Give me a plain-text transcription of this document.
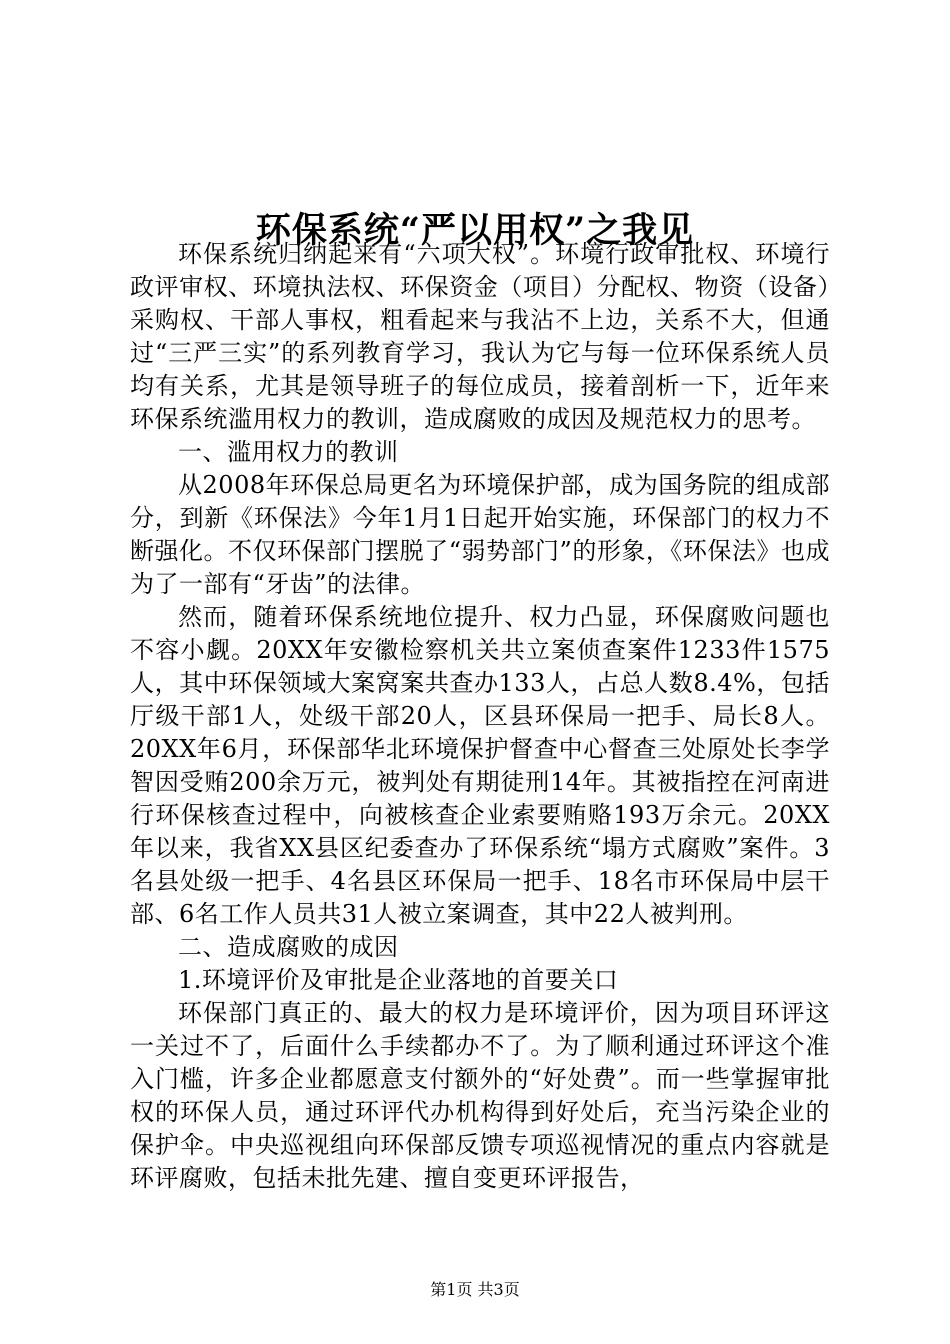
环保系统“严以用权”之我见

环保系统归纳起来有“六项大权”。环境行政审批权、环境行政评审权、环境执法权、环保资金（项目）分配权、物资（设备）采购权、干部人事权，粗看起来与我沾不上边，关系不大，但通过“三严三实”的系列教育学习，我认为它与每一位环保系统人员均有关系，尤其是领导班子的每位成员，接着剖析一下，近年来环保系统滥用权力的教训，造成腐败的成因及规范权力的思考。

一、滥用权力的教训

从2008年环保总局更名为环境保护部，成为国务院的组成部分，到新《环保法》今年1月1日起开始实施，环保部门的权力不断强化。不仅环保部门摆脱了“弱势部门”的形象，《环保法》也成为了一部有“牙齿”的法律。

然而，随着环保系统地位提升、权力凸显，环保腐败问题也不容小觑。20XX年安徽检察机关共立案侦查案件1233件1575人，其中环保领域大案窝案共查办133人，占总人数8.4%，包括厅级干部1人，处级干部20人，区县环保局一把手、局长8人。20XX年6月，环保部华北环境保护督查中心督查三处原处长李学智因受贿200余万元，被判处有期徒刑14年。其被指控在河南进行环保核查过程中，向被核查企业索要贿赂193万余元。20XX年以来，我省XX县区纪委查办了环保系统“塌方式腐败”案件。3名县处级一把手、4名县区环保局一把手、18名市环保局中层干部、6名工作人员共31人被立案调查，其中22人被判刑。

二、造成腐败的成因

1.环境评价及审批是企业落地的首要关口

环保部门真正的、最大的权力是环境评价，因为项目环评这一关过不了，后面什么手续都办不了。为了顺利通过环评这个准入门槛，许多企业都愿意支付额外的“好处费”。而一些掌握审批权的环保人员，通过环评代办机构得到好处后，充当污染企业的保护伞。中央巡视组向环保部反馈专项巡视情况的重点内容就是环评腐败，包括未批先建、擅自变更环评报告，

第1页 共3页
